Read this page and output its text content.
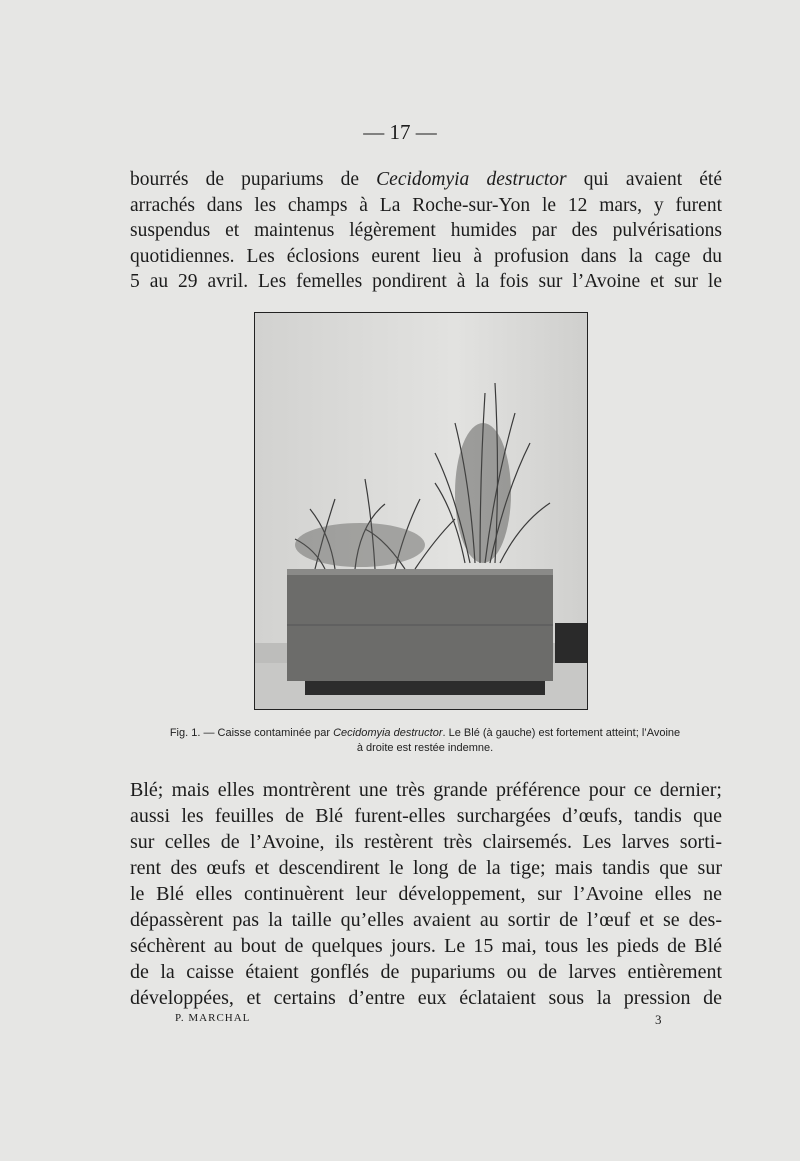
— 17 —
bourrés de pupariums de Cecidomyia destructor qui avaient été
arrachés dans les champs à La Roche-sur-Yon le 12 mars, y furent
suspendus et maintenus légèrement humides par des pulvérisations
quotidiennes. Les éclosions eurent lieu à profusion dans la cage du
5 au 29 avril. Les femelles pondirent à la fois sur l’Avoine et sur le
Fig. 1. — Caisse contaminée par Cecidomyia destructor. Le Blé (à gauche) est fortement atteint; l’Avoine
à droite est restée indemne.
Blé; mais elles montrèrent une très grande préférence pour ce dernier;
aussi les feuilles de Blé furent-elles surchargées d’œufs, tandis que
sur celles de l’Avoine, ils restèrent très clairsemés. Les larves sorti-
rent des œufs et descendirent le long de la tige; mais tandis que sur
le Blé elles continuèrent leur développement, sur l’Avoine elles ne
dépassèrent pas la taille qu’elles avaient au sortir de l’œuf et se des-
séchèrent au bout de quelques jours. Le 15 mai, tous les pieds de Blé
de la caisse étaient gonflés de pupariums ou de larves entièrement
développées, et certains d’entre eux éclataient sous la pression de
P. MARCHAL	3
